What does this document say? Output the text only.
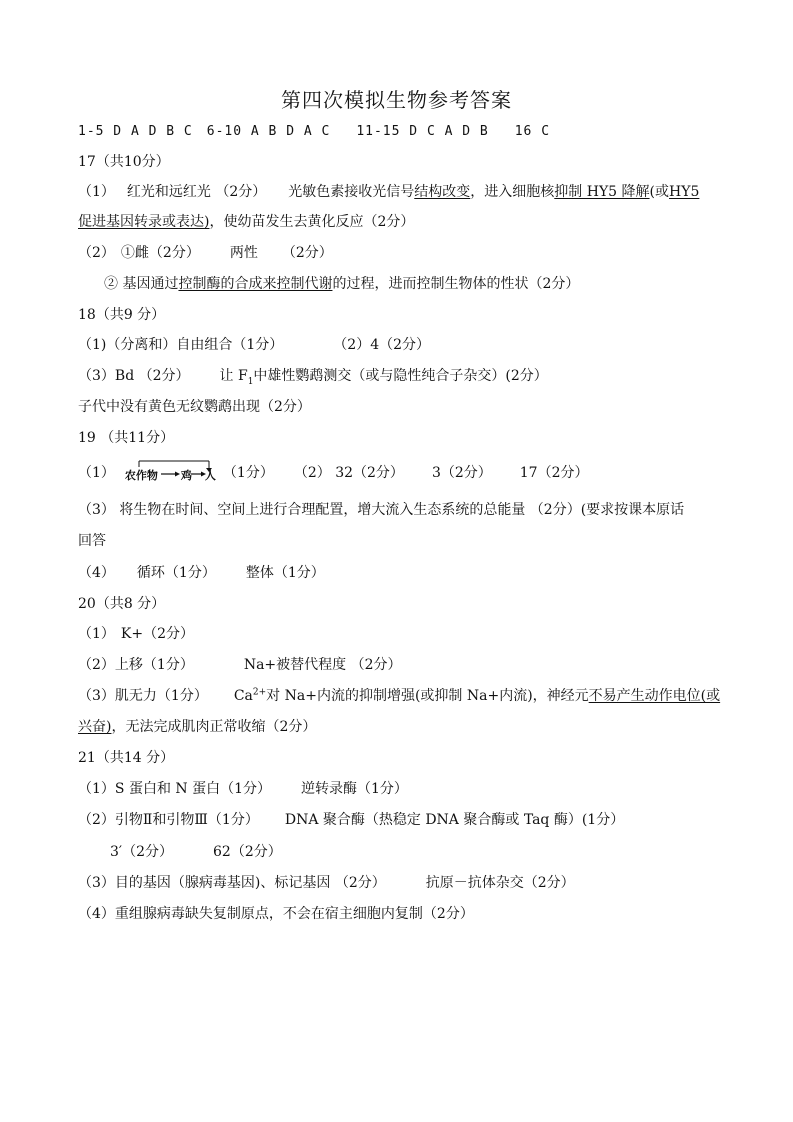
第四次模拟生物参考答案
1-5 D A D B C 6-10 A B D A C 11-15 D C A D B 16 C
17（共10分）
（1） 红光和远红光 （2分） 光敏色素接收光信号结构改变，进入细胞核抑制 HY5 降解(或HY5
促进基因转录或表达)，使幼苗发生去黄化反应（2分）
（2） ①雌（2分） 两性 （2分）
② 基因通过控制酶的合成来控制代谢的过程，进而控制生物体的性状（2分）
18（共9 分）
（1)（分离和）自由组合（1分）	（2）4（2分）
（3）Bd （2分） 让 $F_1$中雄性鹦鹉测交（或与隐性纯合子杂交）(2分）
子代中没有黄色无纹鹦鹉出现（2分）
19 （共11分）
（1） 农作物 鸡 人 （1分） （2） 32（2分） 3（2分） 17（2分）
（3） 将生物在时间、空间上进行合理配置，增大流入生态系统的总能量 （2分）(要求按课本原话
回答
（4） 循环（1分） 整体（1分）
20（共8 分）
（1） K+（2分）
（2）上移（1分）	Na+被替代程度 （2分）
（3）肌无力（1分） $Ca^{2+}$对 Na+内流的抑制增强(或抑制 Na+内流)，神经元不易产生动作电位(或
兴奋)，无法完成肌肉正常收缩（2分）
21（共14 分）
（1）S 蛋白和 N 蛋白（1分） 逆转录酶（1分）
（2）引物Ⅱ和引物Ⅲ（1分） DNA 聚合酶（热稳定 DNA 聚合酶或 Taq 酶）(1分）
3′（2分）	62（2分）
（3）目的基因（腺病毒基因)、标记基因 （2分）	抗原－抗体杂交（2分）
（4）重组腺病毒缺失复制原点，不会在宿主细胞内复制（2分）
